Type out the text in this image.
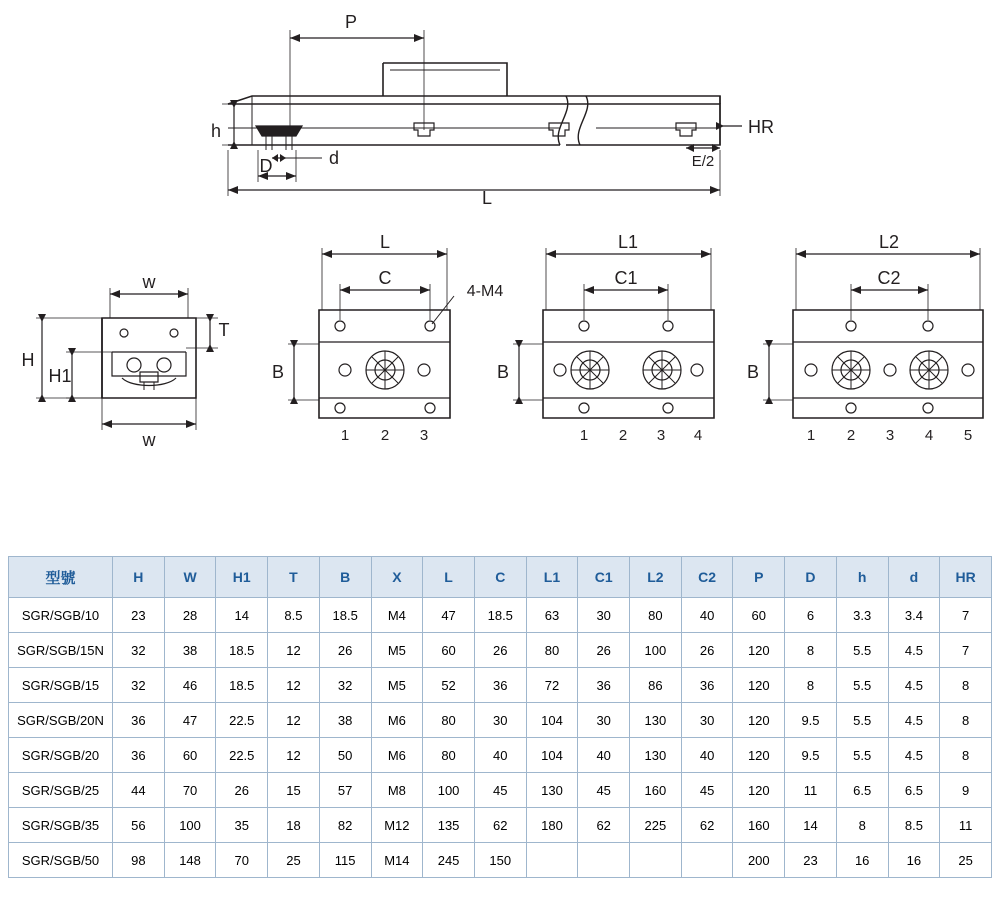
P
h
D	d
HR
E/2
L
w
w
H
H1
T
L
C
B
4-M4
1 2 3
L1
C1
B
1 2 3 4
L2
C2
B
1 2 3 4 5
型號	H	W	H1	T	B	X	L	C	L1	C1	L2	C2	P	D	h	d	HR
SGR/SGB/10	23	28	14	8.5	18.5	M4	47	18.5	63	30	80	40	60	6	3.3	3.4	7
SGR/SGB/15N	32	38	18.5	12	26	M5	60	26	80	26	100	26	120	8	5.5	4.5	7
SGR/SGB/15	32	46	18.5	12	32	M5	52	36	72	36	86	36	120	8	5.5	4.5	8
SGR/SGB/20N	36	47	22.5	12	38	M6	80	30	104	30	130	30	120	9.5	5.5	4.5	8
SGR/SGB/20	36	60	22.5	12	50	M6	80	40	104	40	130	40	120	9.5	5.5	4.5	8
SGR/SGB/25	44	70	26	15	57	M8	100	45	130	45	160	45	120	11	6.5	6.5	9
SGR/SGB/35	56	100	35	18	82	M12	135	62	180	62	225	62	160	14	8	8.5	11
SGR/SGB/50	98	148	70	25	115	M14	245	150					200	23	16	16	25
